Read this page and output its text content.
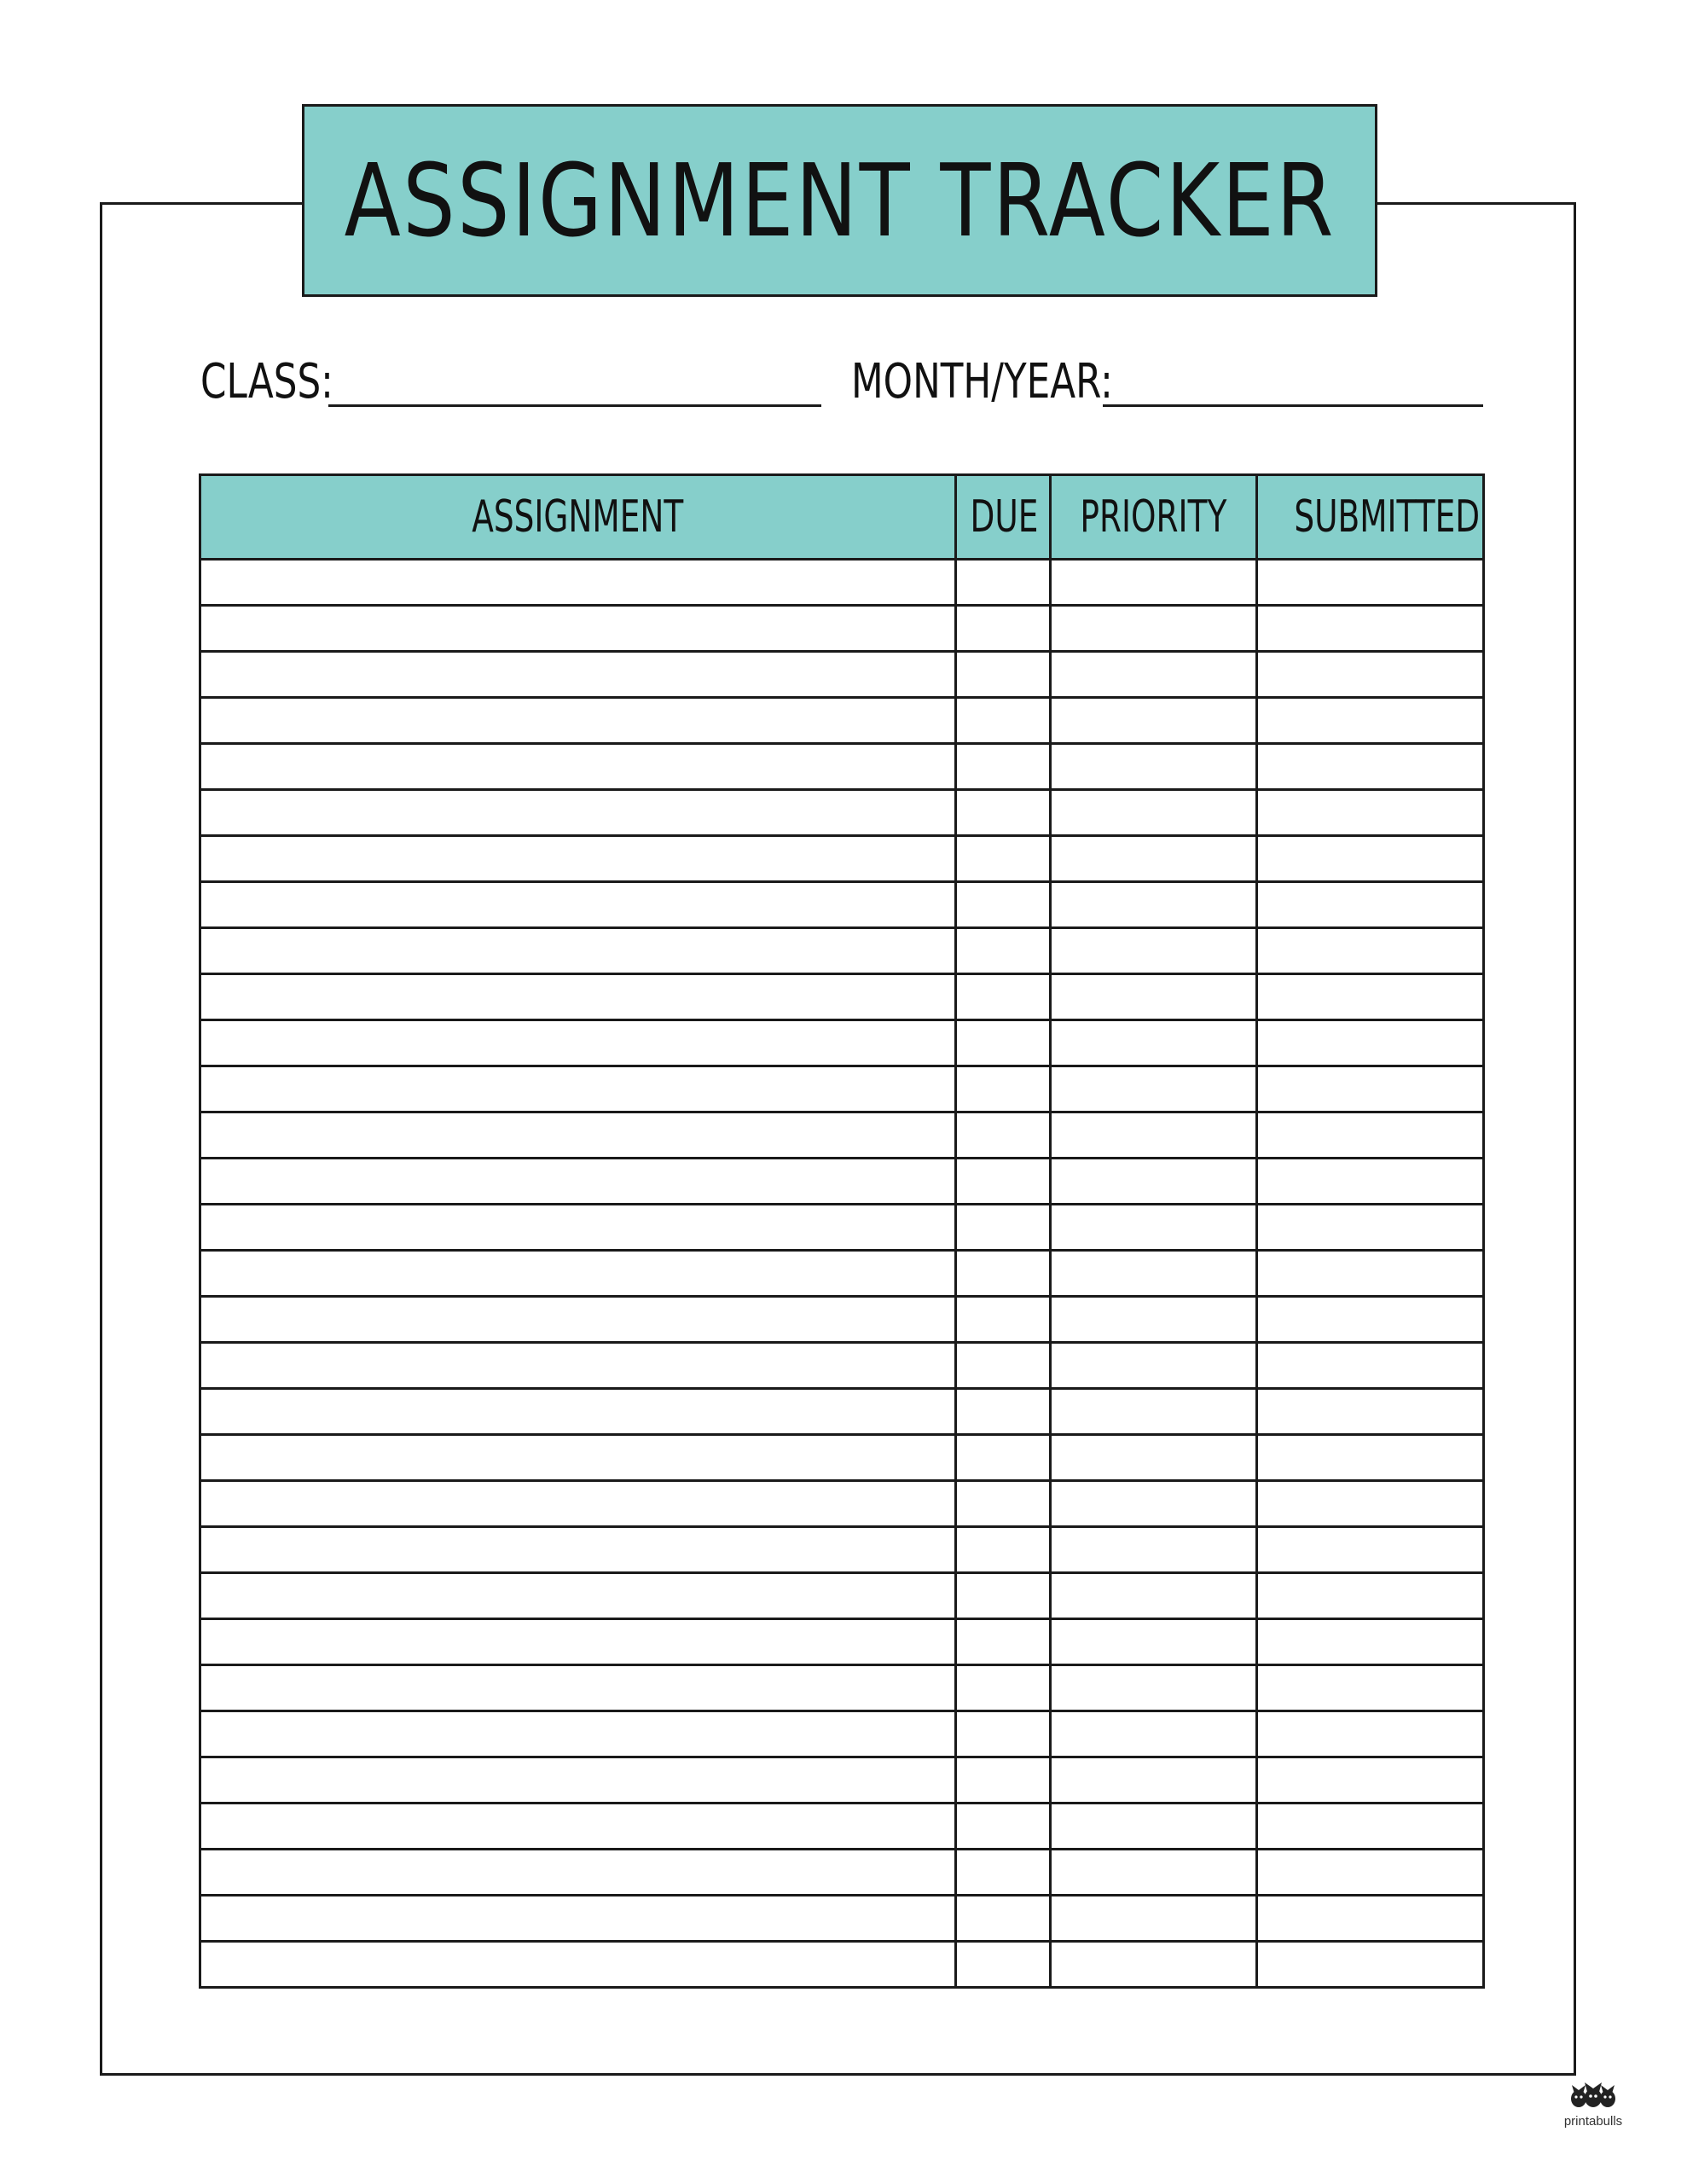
ASSIGNMENT TRACKER
CLASS:	MONTH/YEAR:
ASSIGNMENT	DUE	PRIORITY	SUBMITTED

printabulls
